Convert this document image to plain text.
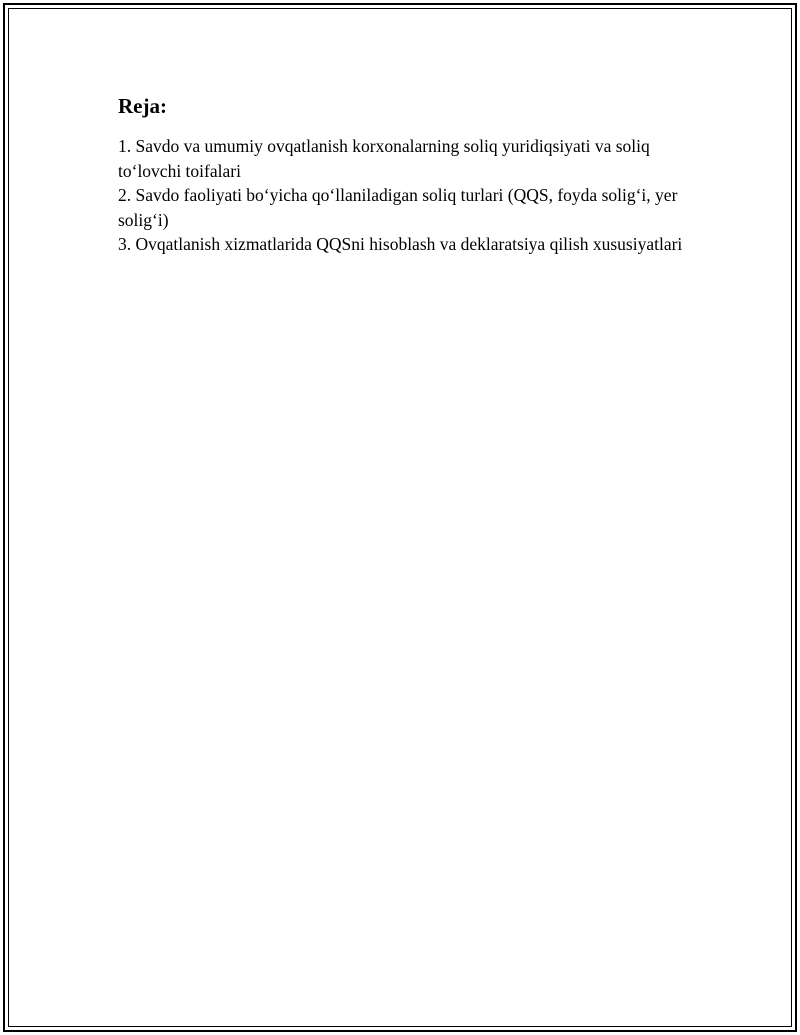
Reja:
1. Savdo va umumiy ovqatlanish korxonalarning soliq yuridiqsiyati va soliq to‘lovchi toifalari
2. Savdo faoliyati bo‘yicha qo‘llaniladigan soliq turlari (QQS, foyda solig‘i, yer solig‘i)
3. Ovqatlanish xizmatlarida QQSni hisoblash va deklaratsiya qilish xususiyatlari
